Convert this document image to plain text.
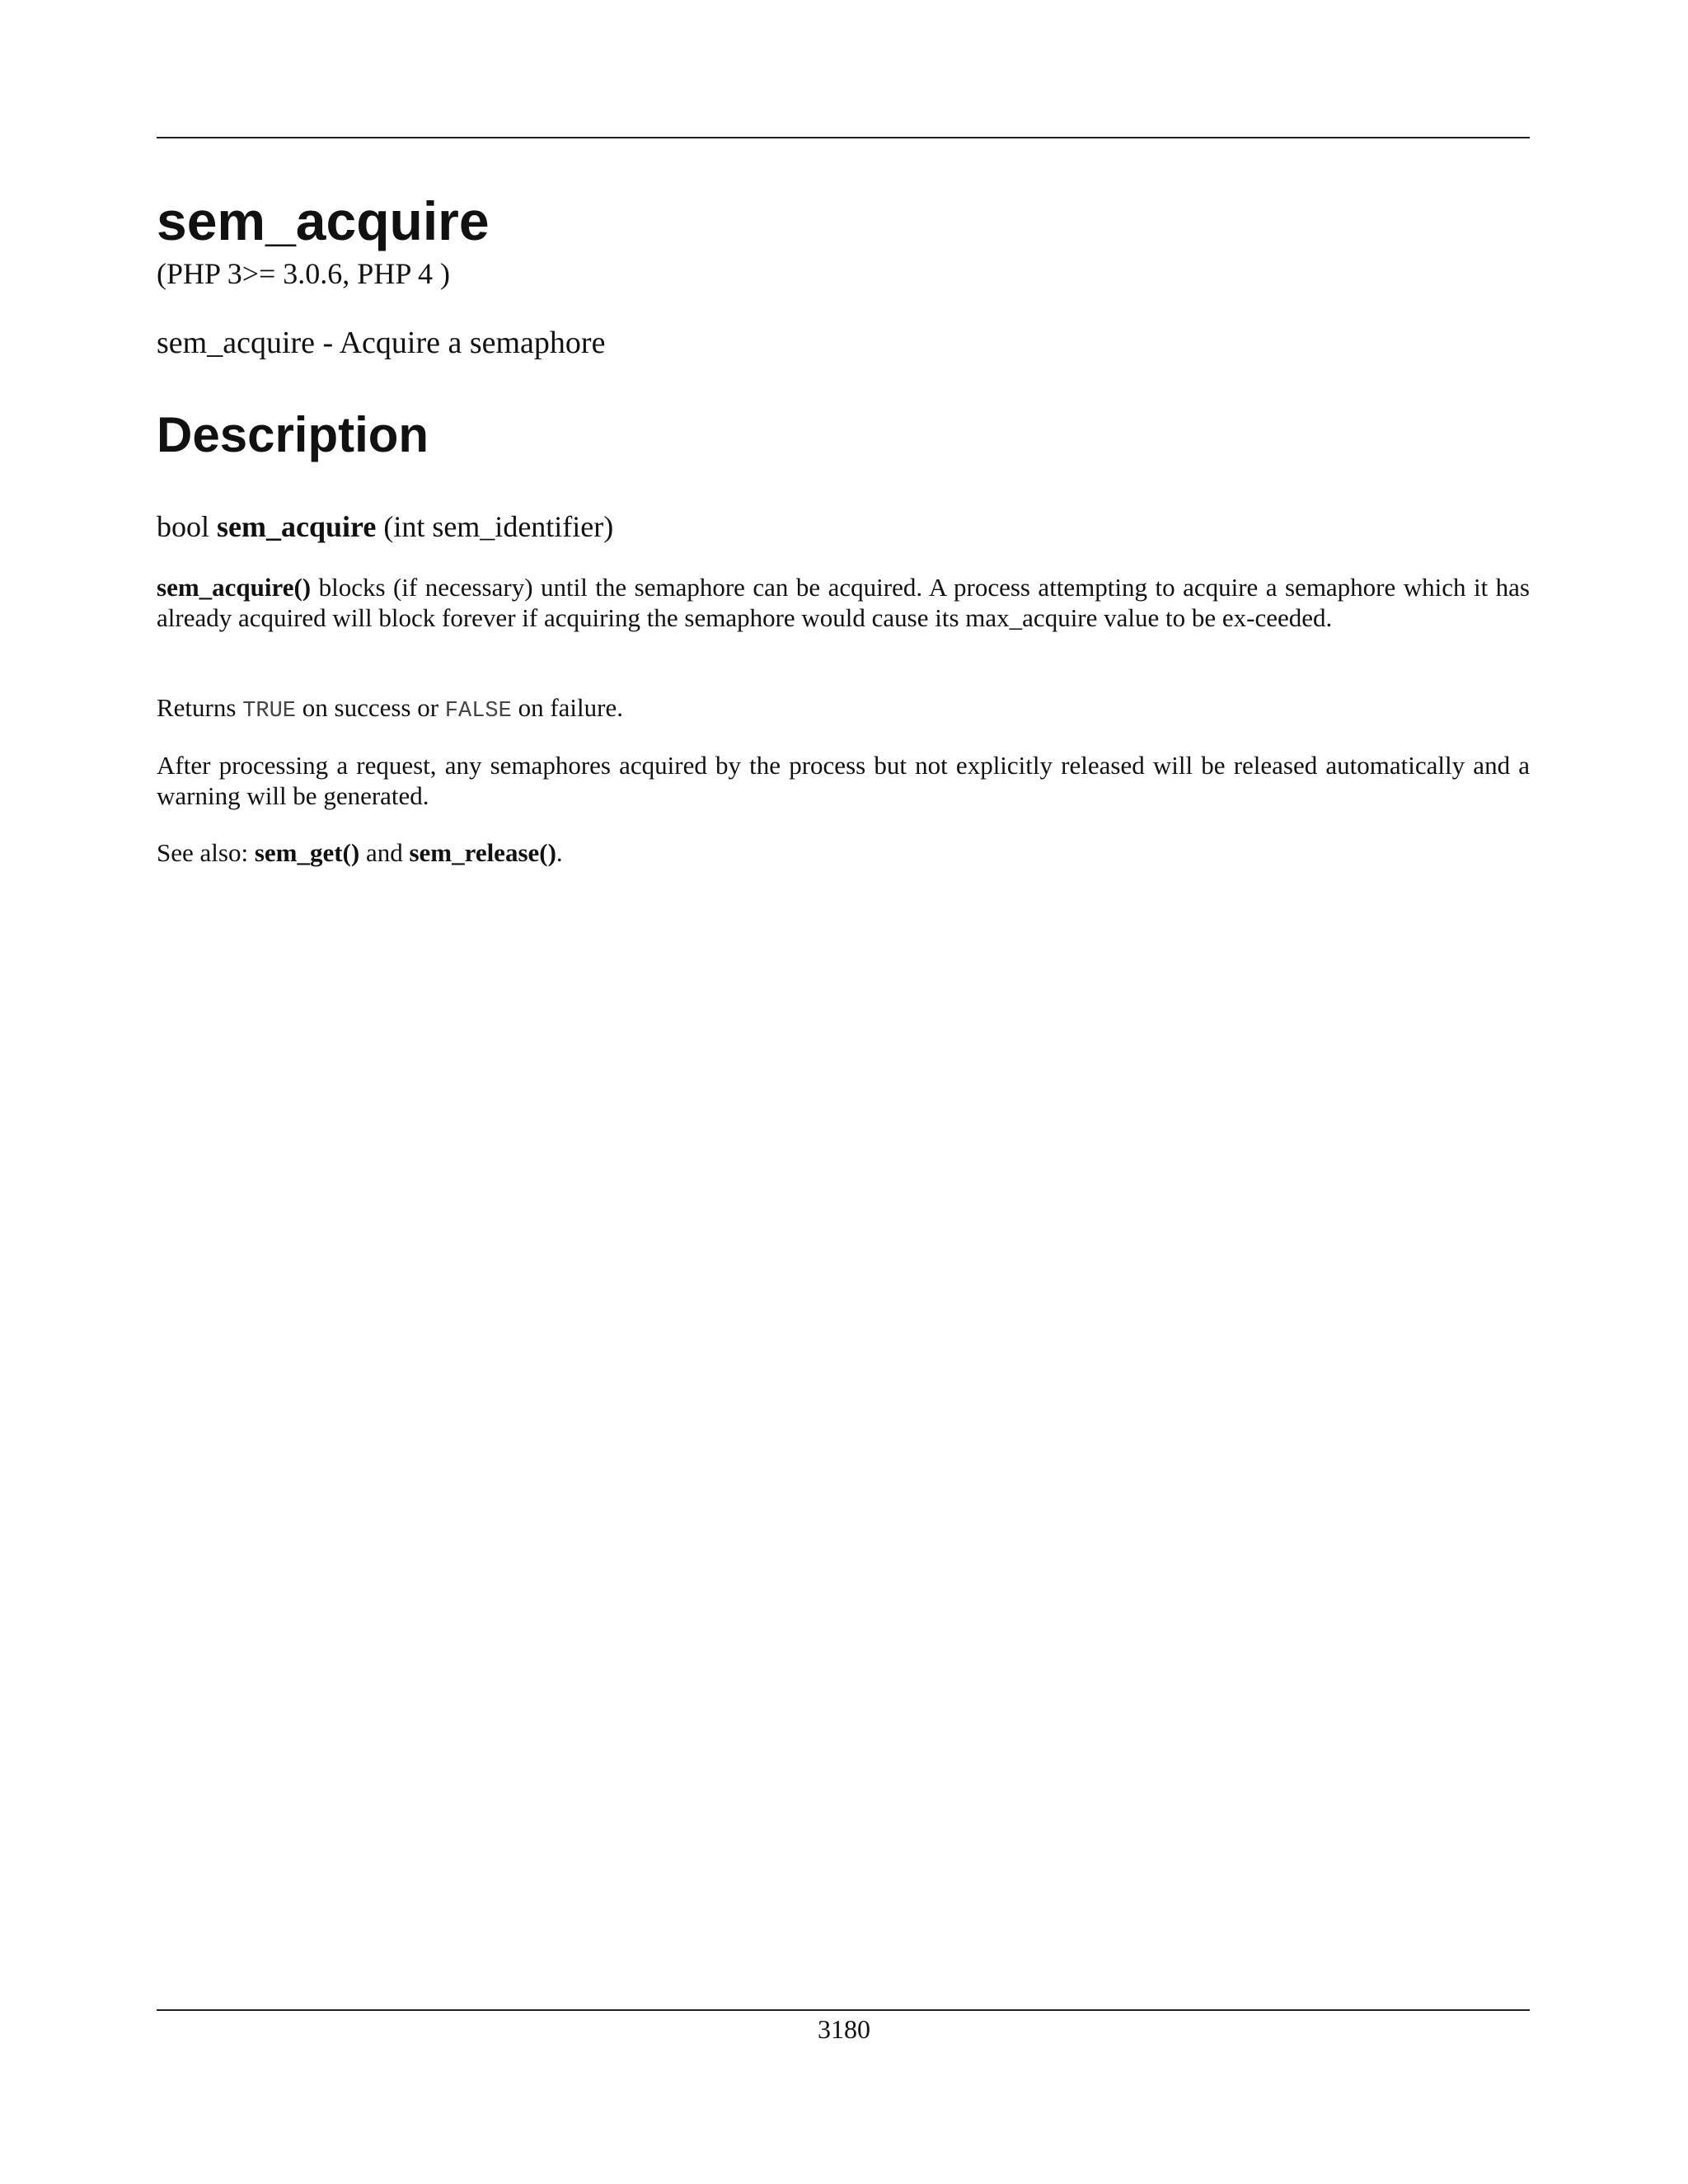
sem_acquire
(PHP 3>= 3.0.6, PHP 4 )
sem_acquire - Acquire a semaphore
Description
bool sem_acquire (int sem_identifier)

sem_acquire() blocks (if necessary) until the semaphore can be acquired. A process attempting to acquire a semaphore which it has already acquired will block forever if acquiring the semaphore would cause its max_acquire value to be ex-ceeded.

Returns TRUE on success or FALSE on failure.

After processing a request, any semaphores acquired by the process but not explicitly released will be released automatically and a warning will be generated.

See also: sem_get() and sem_release().

3180
